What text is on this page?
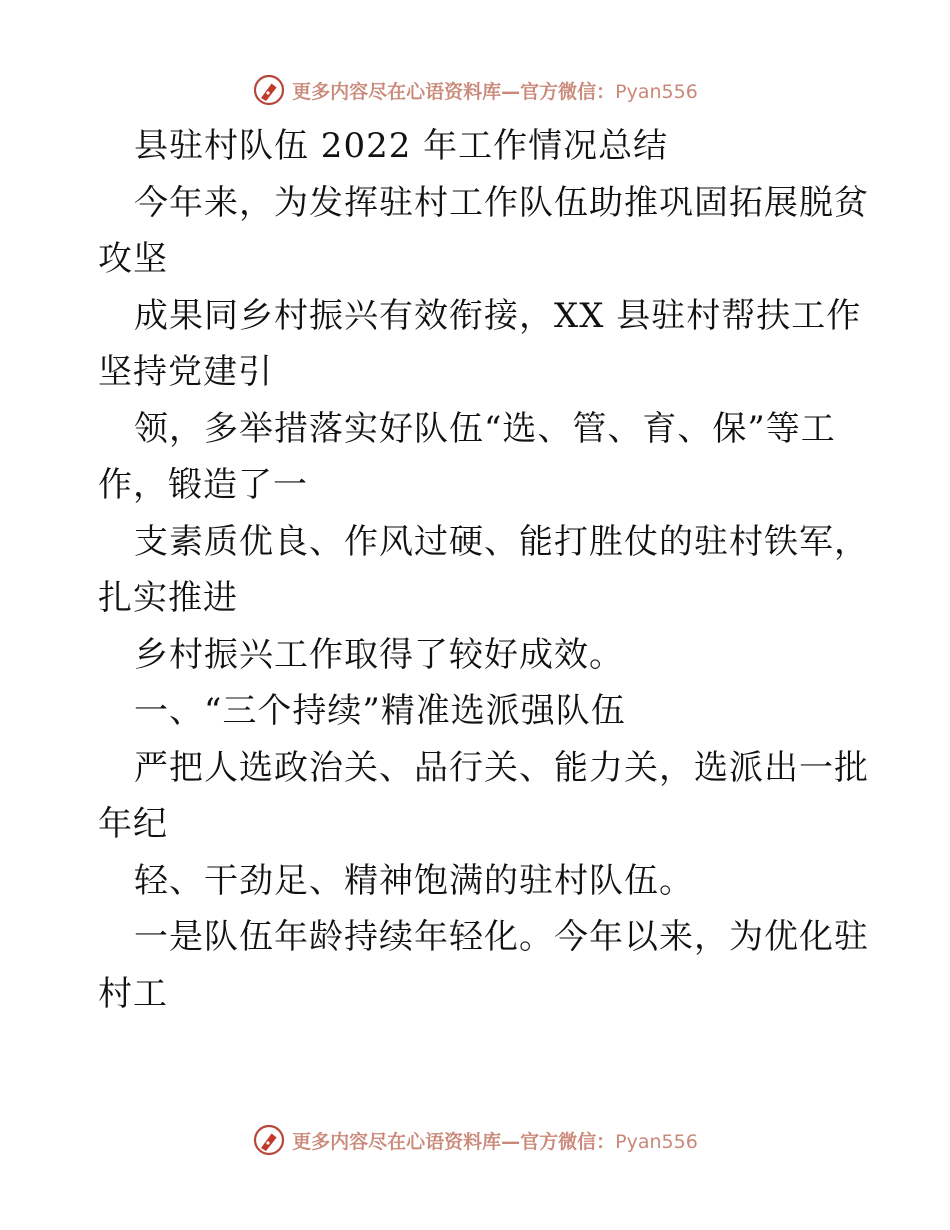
更多内容尽在心语资料库—官方微信：Pyan556
县驻村队伍 2022 年工作情况总结
今年来，为发挥驻村工作队伍助推巩固拓展脱贫
攻坚
成果同乡村振兴有效衔接，XX 县驻村帮扶工作
坚持党建引
领，多举措落实好队伍“选、管、育、保”等工
作，锻造了一
支素质优良、作风过硬、能打胜仗的驻村铁军，
扎实推进
乡村振兴工作取得了较好成效。
一、“三个持续”精准选派强队伍
严把人选政治关、品行关、能力关，选派出一批
年纪
轻、干劲足、精神饱满的驻村队伍。
一是队伍年龄持续年轻化。今年以来，为优化驻
村工
更多内容尽在心语资料库—官方微信：Pyan556
